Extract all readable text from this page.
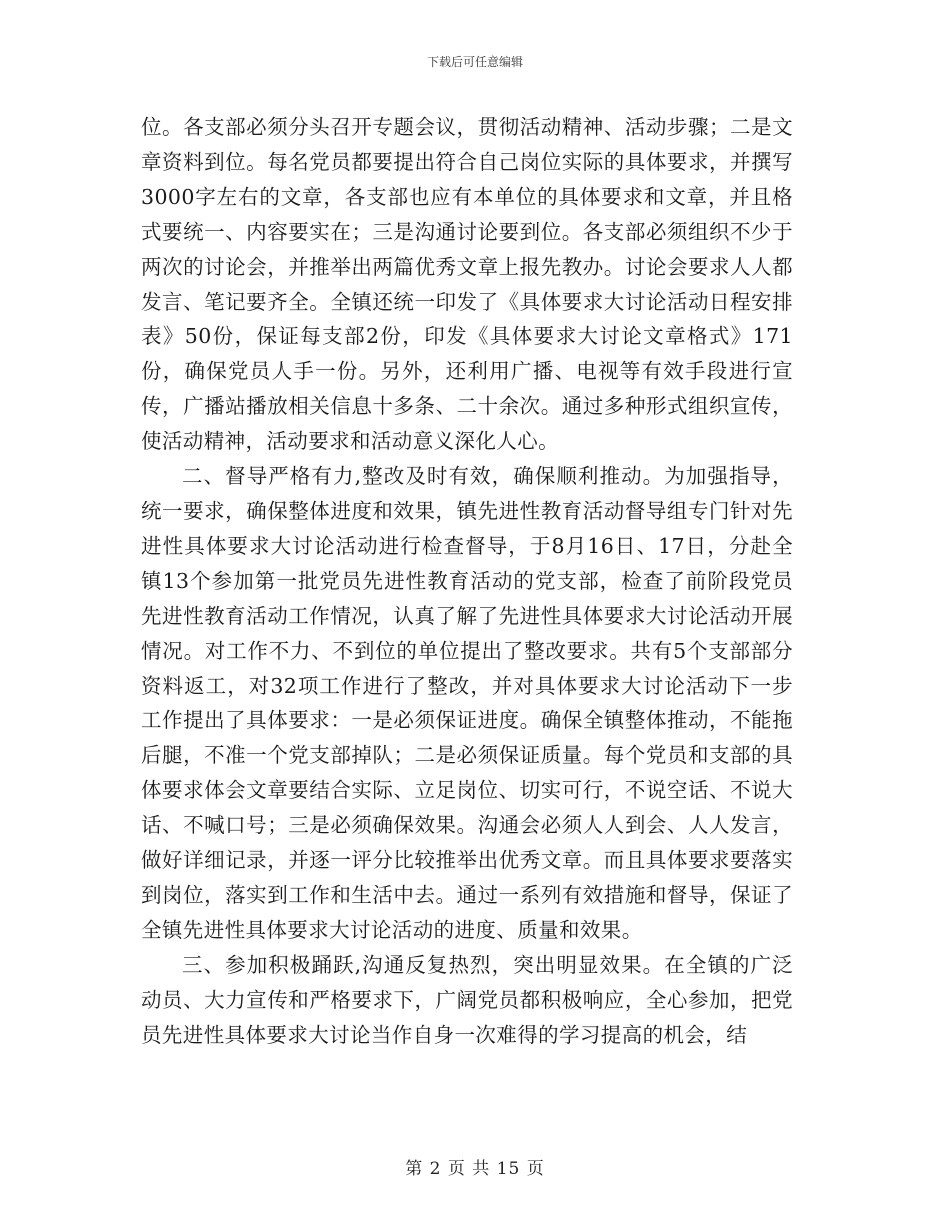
下载后可任意编辑

位。各支部必须分头召开专题会议，贯彻活动精神、活动步骤；二是文章资料到位。每名党员都要提出符合自己岗位实际的具体要求，并撰写3000字左右的文章，各支部也应有本单位的具体要求和文章，并且格式要统一、内容要实在；三是沟通讨论要到位。各支部必须组织不少于两次的讨论会，并推举出两篇优秀文章上报先教办。讨论会要求人人都发言、笔记要齐全。全镇还统一印发了《具体要求大讨论活动日程安排表》50份，保证每支部2份，印发《具体要求大讨论文章格式》171份，确保党员人手一份。另外，还利用广播、电视等有效手段进行宣传，广播站播放相关信息十多条、二十余次。通过多种形式组织宣传，使活动精神，活动要求和活动意义深化人心。

二、督导严格有力,整改及时有效，确保顺利推动。为加强指导，统一要求，确保整体进度和效果，镇先进性教育活动督导组专门针对先进性具体要求大讨论活动进行检查督导，于8月16日、17日，分赴全镇13个参加第一批党员先进性教育活动的党支部，检查了前阶段党员先进性教育活动工作情况，认真了解了先进性具体要求大讨论活动开展情况。对工作不力、不到位的单位提出了整改要求。共有5个支部部分资料返工，对32项工作进行了整改，并对具体要求大讨论活动下一步工作提出了具体要求：一是必须保证进度。确保全镇整体推动，不能拖后腿，不准一个党支部掉队；二是必须保证质量。每个党员和支部的具体要求体会文章要结合实际、立足岗位、切实可行，不说空话、不说大话、不喊口号；三是必须确保效果。沟通会必须人人到会、人人发言，做好详细记录，并逐一评分比较推举出优秀文章。而且具体要求要落实到岗位，落实到工作和生活中去。通过一系列有效措施和督导，保证了全镇先进性具体要求大讨论活动的进度、质量和效果。

三、参加积极踊跃,沟通反复热烈，突出明显效果。在全镇的广泛动员、大力宣传和严格要求下，广阔党员都积极响应，全心参加，把党员先进性具体要求大讨论当作自身一次难得的学习提高的机会，结

第 2 页 共 15 页
